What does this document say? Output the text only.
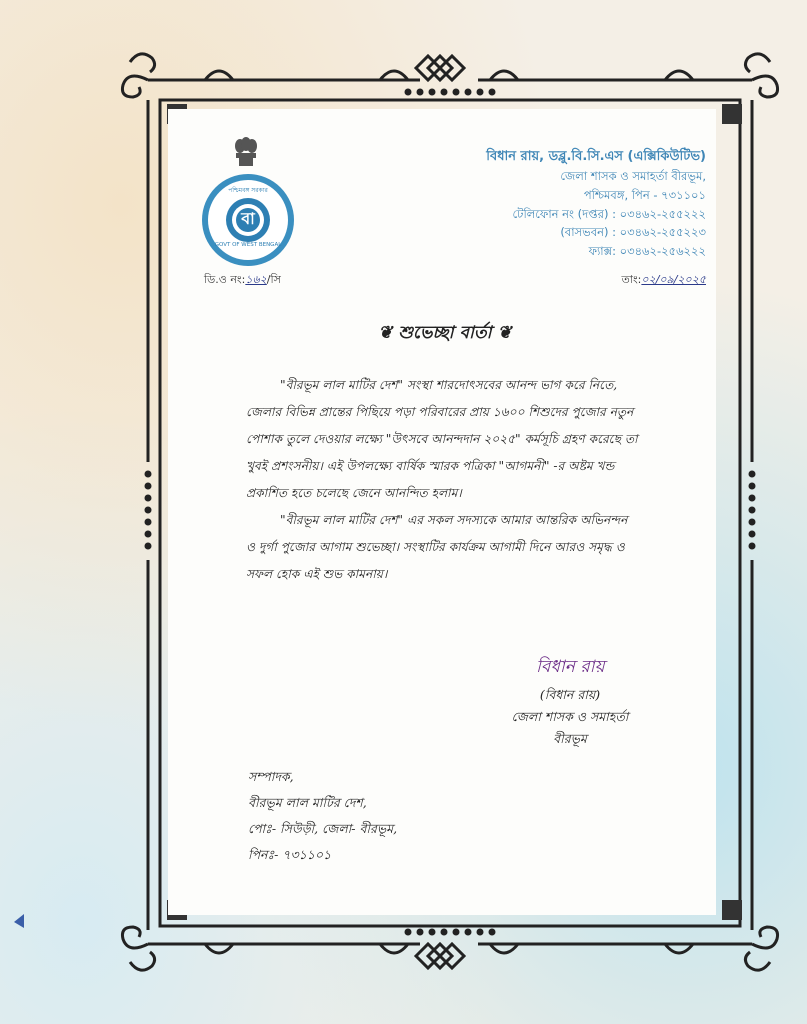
পশ্চিমবঙ্গ সরকার
বা
GOVT OF WEST BENGAL
বিধান রায়, ডব্লু.বি.সি.এস (এক্সিকিউটিভ)
জেলা শাসক ও সমাহর্তা বীরভূম,
পশ্চিমবঙ্গ, পিন - ৭৩১১০১
টেলিফোন নং (দপ্তর) : ০৩৪৬২-২৫৫২২২
(বাসভবন) : ০৩৪৬২-২৫৫২২৩
ফ্যাক্স: ০৩৪৬২-২৫৬২২২
ডি.ও নং:১৬২/সি	তাং:০২/০৯/২০২৫
❦ শুভেচ্ছা বার্তা ❦

"বীরভূম লাল মাটির দেশ" সংস্থা শারদোৎসবের আনন্দ ভাগ করে নিতে,

জেলার বিভিন্ন প্রান্তের পিছিয়ে পড়া পরিবারের প্রায় ১৬০০ শিশুদের পুজোর নতুন

পোশাক তুলে দেওয়ার লক্ষ্যে "উৎসবে আনন্দদান ২০২৫" কর্মসূচি গ্রহণ করেছে তা

খুবই প্রশংসনীয়। এই উপলক্ষ্যে বার্ষিক স্মারক পত্রিকা "আগমনী" -র অষ্টম খন্ড

প্রকাশিত হতে চলেছে জেনে আনন্দিত হলাম।

"বীরভূম লাল মাটির দেশ" এর সকল সদস্যকে আমার আন্তরিক অভিনন্দন

ও দুর্গা পুজোর আগাম শুভেচ্ছা। সংস্থাটির কার্যক্রম আগামী দিনে আরও সমৃদ্ধ ও

সফল হোক এই শুভ কামনায়।

বিধান রায়
(বিধান রায়)
জেলা শাসক ও সমাহর্তা
বীরভূম
সম্পাদক,
বীরভূম লাল মাটির দেশ,
পোঃ- সিউড়ী, জেলা- বীরভূম,
পিনঃ- ৭৩১১০১
